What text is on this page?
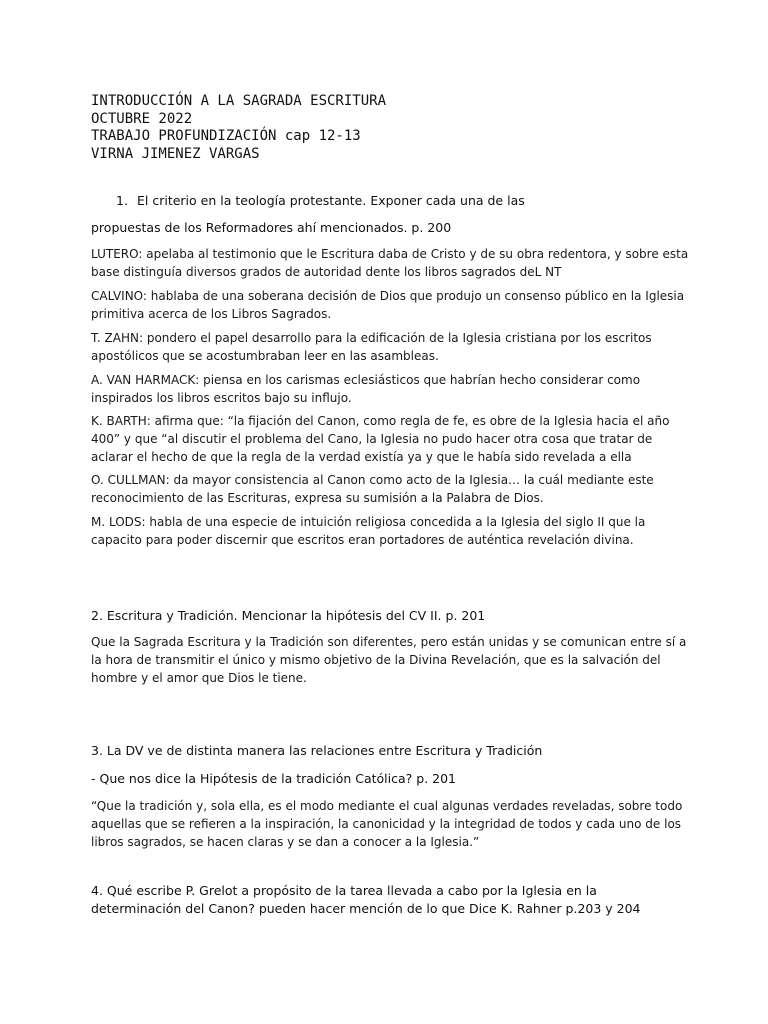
INTRODUCCIÓN A LA SAGRADA ESCRITURA
OCTUBRE 2022
TRABAJO PROFUNDIZACIÓN cap 12-13
VIRNA JIMENEZ VARGAS

1. El criterio en la teología protestante. Exponer cada una de las

propuestas de los Reformadores ahí mencionados. p. 200

LUTERO: apelaba al testimonio que le Escritura daba de Cristo y de su obra redentora, y sobre esta base distinguía diversos grados de autoridad dente los libros sagrados deL NT

CALVINO: hablaba de una soberana decisión de Dios que produjo un consenso público en la Iglesia primitiva acerca de los Libros Sagrados.

T. ZAHN: pondero el papel desarrollo para la edificación de la Iglesia cristiana por los escritos apostólicos que se acostumbraban leer en las asambleas.

A. VAN HARMACK: piensa en los carismas eclesiásticos que habrían hecho considerar como inspirados los libros escritos bajo su influjo.

K. BARTH: afirma que: “la fijación del Canon, como regla de fe, es obre de la Iglesia hacia el año 400” y que “al discutir el problema del Cano, la Iglesia no pudo hacer otra cosa que tratar de aclarar el hecho de que la regla de la verdad existía ya y que le había sido revelada a ella

O. CULLMAN: da mayor consistencia al Canon como acto de la Iglesia… la cuál mediante este reconocimiento de las Escrituras, expresa su sumisión a la Palabra de Dios.

M. LODS: habla de una especie de intuición religiosa concedida a la Iglesia del siglo II que la capacito para poder discernir que escritos eran portadores de auténtica revelación divina.

2. Escritura y Tradición. Mencionar la hipótesis del CV II. p. 201

Que la Sagrada Escritura y la Tradición son diferentes, pero están unidas y se comunican entre sí a la hora de transmitir el único y mismo objetivo de la Divina Revelación, que es la salvación del hombre y el amor que Dios le tiene.

3. La DV ve de distinta manera las relaciones entre Escritura y Tradición

- Que nos dice la Hipótesis de la tradición Católica? p. 201

“Que la tradición y, sola ella, es el modo mediante el cual algunas verdades reveladas, sobre todo aquellas que se refieren a la inspiración, la canonicidad y la integridad de todos y cada uno de los libros sagrados, se hacen claras y se dan a conocer a la Iglesia.”

4. Qué escribe P. Grelot a propósito de la tarea llevada a cabo por la Iglesia en la determinación del Canon? pueden hacer mención de lo que Dice K. Rahner p.203 y 204
